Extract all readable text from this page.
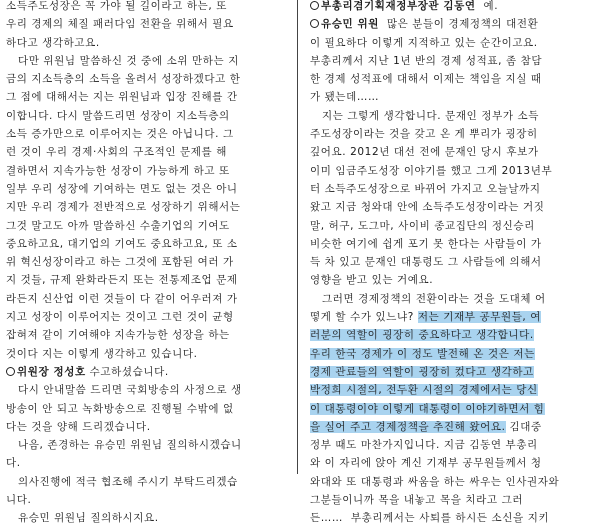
소득주도성장은 꼭 가야 될 길이라고 하는, 또
우리 경제의 체질 패러다임 전환을 위해서 필요
하다고 생각하고요.
다만 위원님 말씀하신 것 중에 소위 만하는 지
금의 지소득층의 소득을 올려서 성장하겠다고 한
그 점에 대해서는 지는 위원님과 입장 진해를 간
이합니다. 다시 말씀드리면 성장이 지소득층의
소득 증가만으로 이루어지는 것은 아닙니다. 그
런 것이 우리 경제·사회의 구조적인 문제를 해
결하면서 지속가능한 성장이 가능하게 하고 또
일부 우리 성장에 기여하는 면도 없는 것은 아니
지만 우리 경제가 전반적으로 성장하기 위해서는
그것 말고도 아까 말씀하신 수출기업의 기여도
중요하고요, 대기업의 기여도 중요하고요, 또 소
위 혁신성장이라고 하는 그것에 포함된 여러 가
지 것들, 규제 완화라든지 또는 전통제조업 문제
라든지 신산업 이런 것들이 다 같이 어우러져 가
지고 성장이 이루어지는 것이고 그런 것이 균형
잡혀져 같이 기여해야 지속가능한 성장을 하는
것이다 지는 이렇게 생각하고 있습니다.
위원장 정성호 수고하셨습니다.
다시 안내말씀 드리면 국회방송의 사정으로 생
방송이 안 되고 녹화방송으로 진행될 수밖에 없
다는 것을 양해 드리겠습니다.
나음, 존경하는 유승민 위원님 질의하시겠습니
다.
의사진행에 적극 협조해 주시기 부탁드리겠습
니다.
유승민 위원님 질의하시지요.
부총리겸기획재정부장관 김동연  예.
유승민 위원  많은 분들이 경제정책의 대전환
이 필요하다 이렇게 지적하고 있는 순간이고요.
부총리께서 지난 1년 반의 경제 성적표, 좀 참담
한 경제 성적표에 대해서 이제는 책임을 지실 때
가 됐는데……
지는 그렇게 생각합니다. 문재인 정부가 소득
주도성장이라는 것을 갖고 온 게 뿌리가 굉장히
깊어요. 2012년 대선 전에 문재인 당시 후보가
이미 임금주도성장 이야기를 했고 그게 2013년부
터 소득주도성장으로 바뀌어 가지고 오늘날까지
왔고 지금 청와대 안에 소득주도성장이라는 거짓
말, 허구, 도그마, 사이비 종교집단의 정신승리
비슷한 여기에 쉽게 포기 못 한다는 사람들이 가
득 차 있고 문재인 대통령도 그 사람들에 의해서
영향을 받고 있는 거예요.
그러면 경제정책의 전환이라는 것을 도대체 어
떻게 할 수가 있느냐? 저는 기재부 공무원들, 여
러분의 역할이 굉장히 중요하다고 생각합니다.
우리 한국 경제가 이 정도 발전해 온 것은 저는
경제 관료들의 역할이 굉장히 컸다고 생각하고
박정희 시절의, 전두환 시절의 경제에서는 당신
이 대통령이야 이렇게 대통령이 이야기하면서 힘
을 실어 주고 경제정책을 추진해 왔어요. 김대중
정부 때도 마찬가지입니다. 지금 김동연 부총리
와 이 자리에 앉아 계신 기재부 공무원들께서 청
와대와 또 대통령과 싸움을 하는 싸우는 인사권자와
그분들이니까 목을 내놓고 목을 치라고 그러
든……  부총리께서는 사퇴를 하시든 소신을 지키
